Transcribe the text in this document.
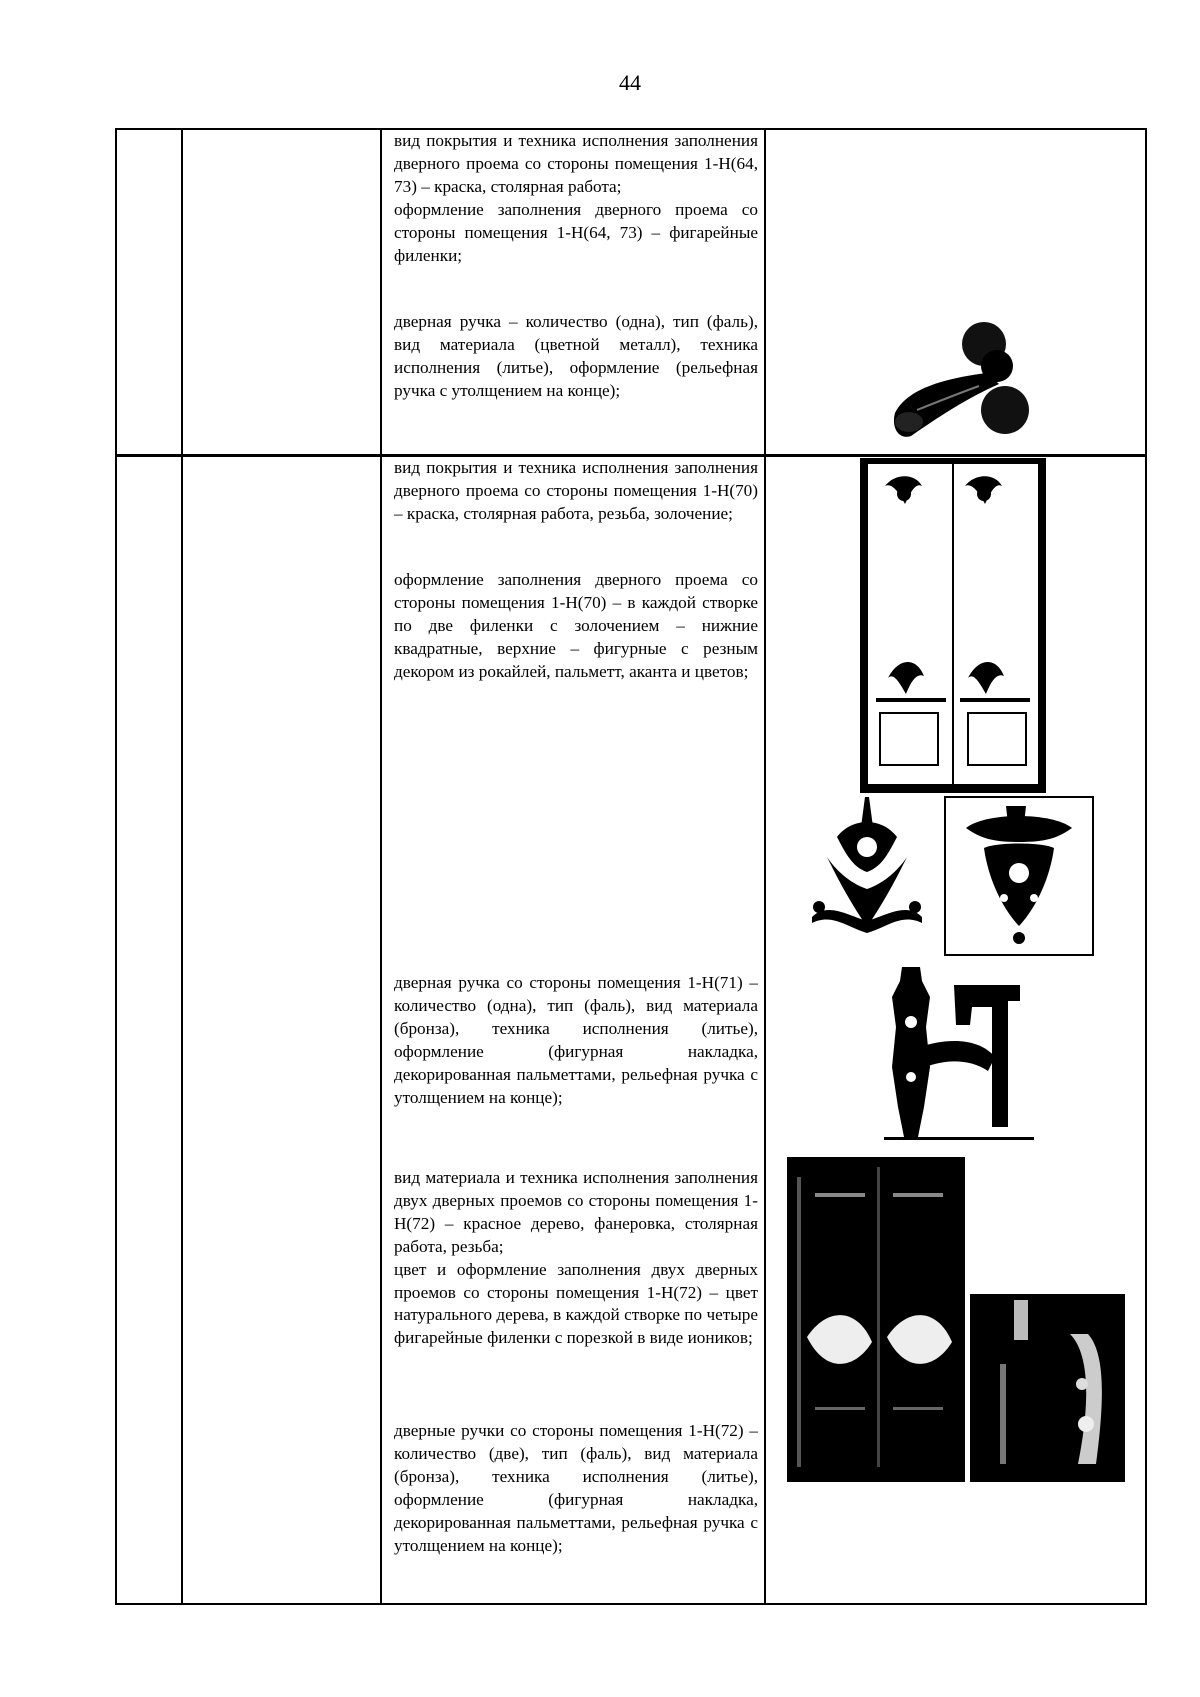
44
вид покрытия и техника исполнения заполнения дверного проема со стороны помещения 1-Н(64, 73) – краска, столярная работа;
оформление заполнения дверного проема со стороны помещения 1-Н(64, 73) – фигарейные филенки;
дверная ручка – количество (одна), тип (фаль), вид материала (цветной металл), техника исполнения (литье), оформление (рельефная ручка с утолщением на конце);
вид покрытия и техника исполнения заполнения дверного проема со стороны помещения 1-Н(70) – краска, столярная работа, резьба, золочение;
оформление заполнения дверного проема со стороны помещения 1-Н(70) – в каждой створке по две филенки с золочением – нижние квадратные, верхние – фигурные с резным декором из рокайлей, пальметт, аканта и цветов;
дверная ручка со стороны помещения 1-Н(71) – количество (одна), тип (фаль), вид материала (бронза), техника исполнения (литье), оформление (фигурная накладка, декорированная пальметтами, рельефная ручка с утолщением на конце);
вид материала и техника исполнения заполнения двух дверных проемов со стороны помещения 1-Н(72) – красное дерево, фанеровка, столярная работа, резьба;
цвет и оформление заполнения двух дверных проемов со стороны помещения 1-Н(72) – цвет натурального дерева, в каждой створке по четыре фигарейные филенки с порезкой в виде иоников;
дверные ручки со стороны помещения 1-Н(72) – количество (две), тип (фаль), вид материала (бронза), техника исполнения (литье), оформление (фигурная накладка, декорированная пальметтами, рельефная ручка с утолщением на конце);
